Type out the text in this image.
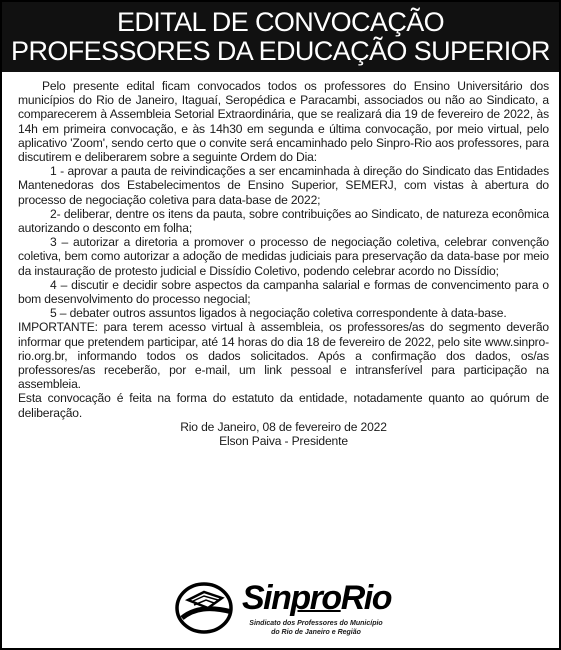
EDITAL DE CONVOCAÇÃO
PROFESSORES DA EDUCAÇÃO SUPERIOR

Pelo presente edital ficam convocados todos os professores do Ensino Universitário dos municípios do Rio de Janeiro, Itaguaí, Seropédica e Paracambi, associados ou não ao Sindicato, a comparecerem à Assembleia Setorial Extraordinária, que se realizará dia 19 de fevereiro de 2022, às 14h em primeira convocação, e às 14h30 em segunda e última convocação, por meio virtual, pelo aplicativo 'Zoom', sendo certo que o convite será encaminhado pelo Sinpro-Rio aos professores, para discutirem e deliberarem sobre a seguinte Ordem do Dia:

1 - aprovar a pauta de reivindicações a ser encaminhada à direção do Sindicato das Entidades Mantenedoras dos Estabelecimentos de Ensino Superior, SEMERJ, com vistas à abertura do processo de negociação coletiva para data-base de 2022;

2- deliberar, dentre os itens da pauta, sobre contribuições ao Sindicato, de natureza econômica autorizando o desconto em folha;

3 – autorizar a diretoria a promover o processo de negociação coletiva, celebrar convenção coletiva, bem como autorizar a adoção de medidas judiciais para preservação da data-base por meio da instauração de protesto judicial e Dissídio Coletivo, podendo celebrar acordo no Dissídio;

4 – discutir e decidir sobre aspectos da campanha salarial e formas de convencimento para o bom desenvolvimento do processo negocial;

5 – debater outros assuntos ligados à negociação coletiva correspondente à data-base.

IMPORTANTE: para terem acesso virtual à assembleia, os professores/as do segmento deverão informar que pretendem participar, até 14 horas do dia 18 de fevereiro de 2022, pelo site www.sinpro-rio.org.br, informando todos os dados solicitados. Após a confirmação dos dados, os/as professores/as receberão, por e-mail, um link pessoal e intransferível para participação na assembleia.

Esta convocação é feita na forma do estatuto da entidade, notadamente quanto ao quórum de deliberação.

Rio de Janeiro, 08 de fevereiro de 2022

Elson Paiva - Presidente

SinproRio
Sindicato dos Professores do Município
do Rio de Janeiro e Região
